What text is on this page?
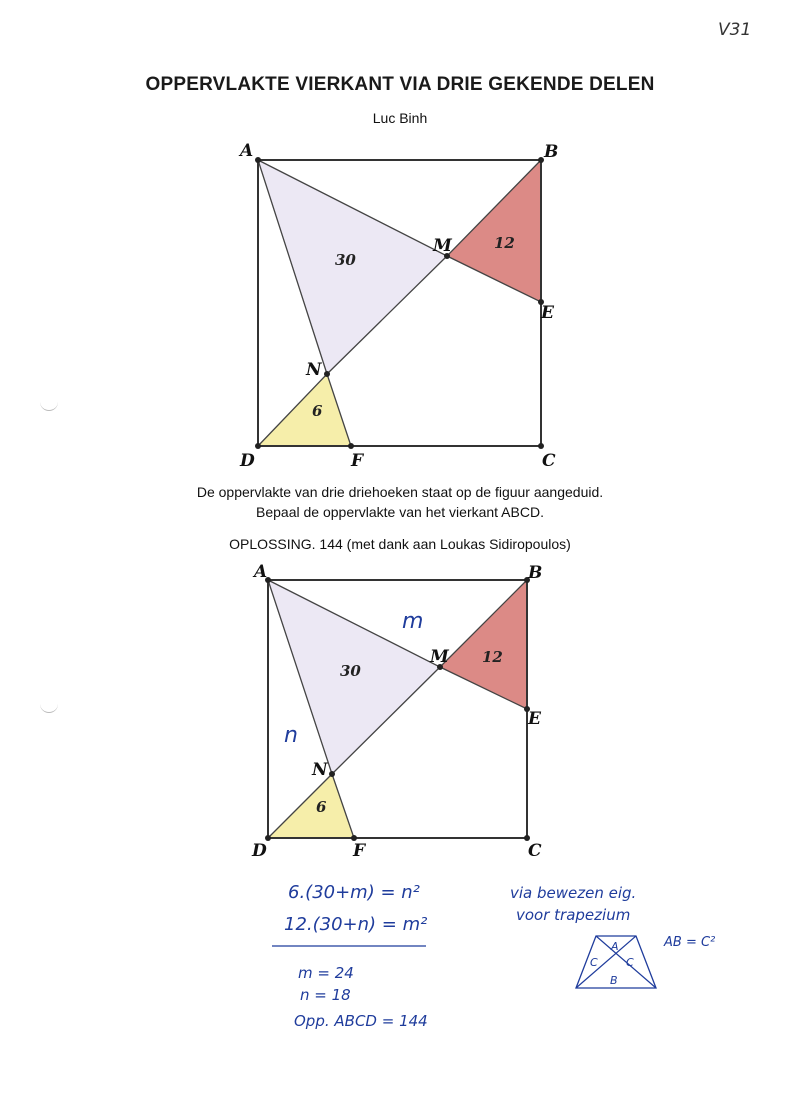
V31
OPPERVLAKTE VIERKANT VIA DRIE GEKENDE DELEN
Luc Binh
A	B
C
D
E
F
M
N
30
12
6
De oppervlakte van drie driehoeken staat op de figuur aangeduid.
Bepaal de oppervlakte van het vierkant ABCD.
OPLOSSING. 144 (met dank aan Loukas Sidiropoulos)
A	B
C
D
E
F
M
N
30
12
6
m
n
6.(30+m) = n²
12.(30+n) = m²
m = 24
n = 18
Opp. ABCD = 144
via bewezen eig.
voor trapezium
A
B
C	C
AB = C²
